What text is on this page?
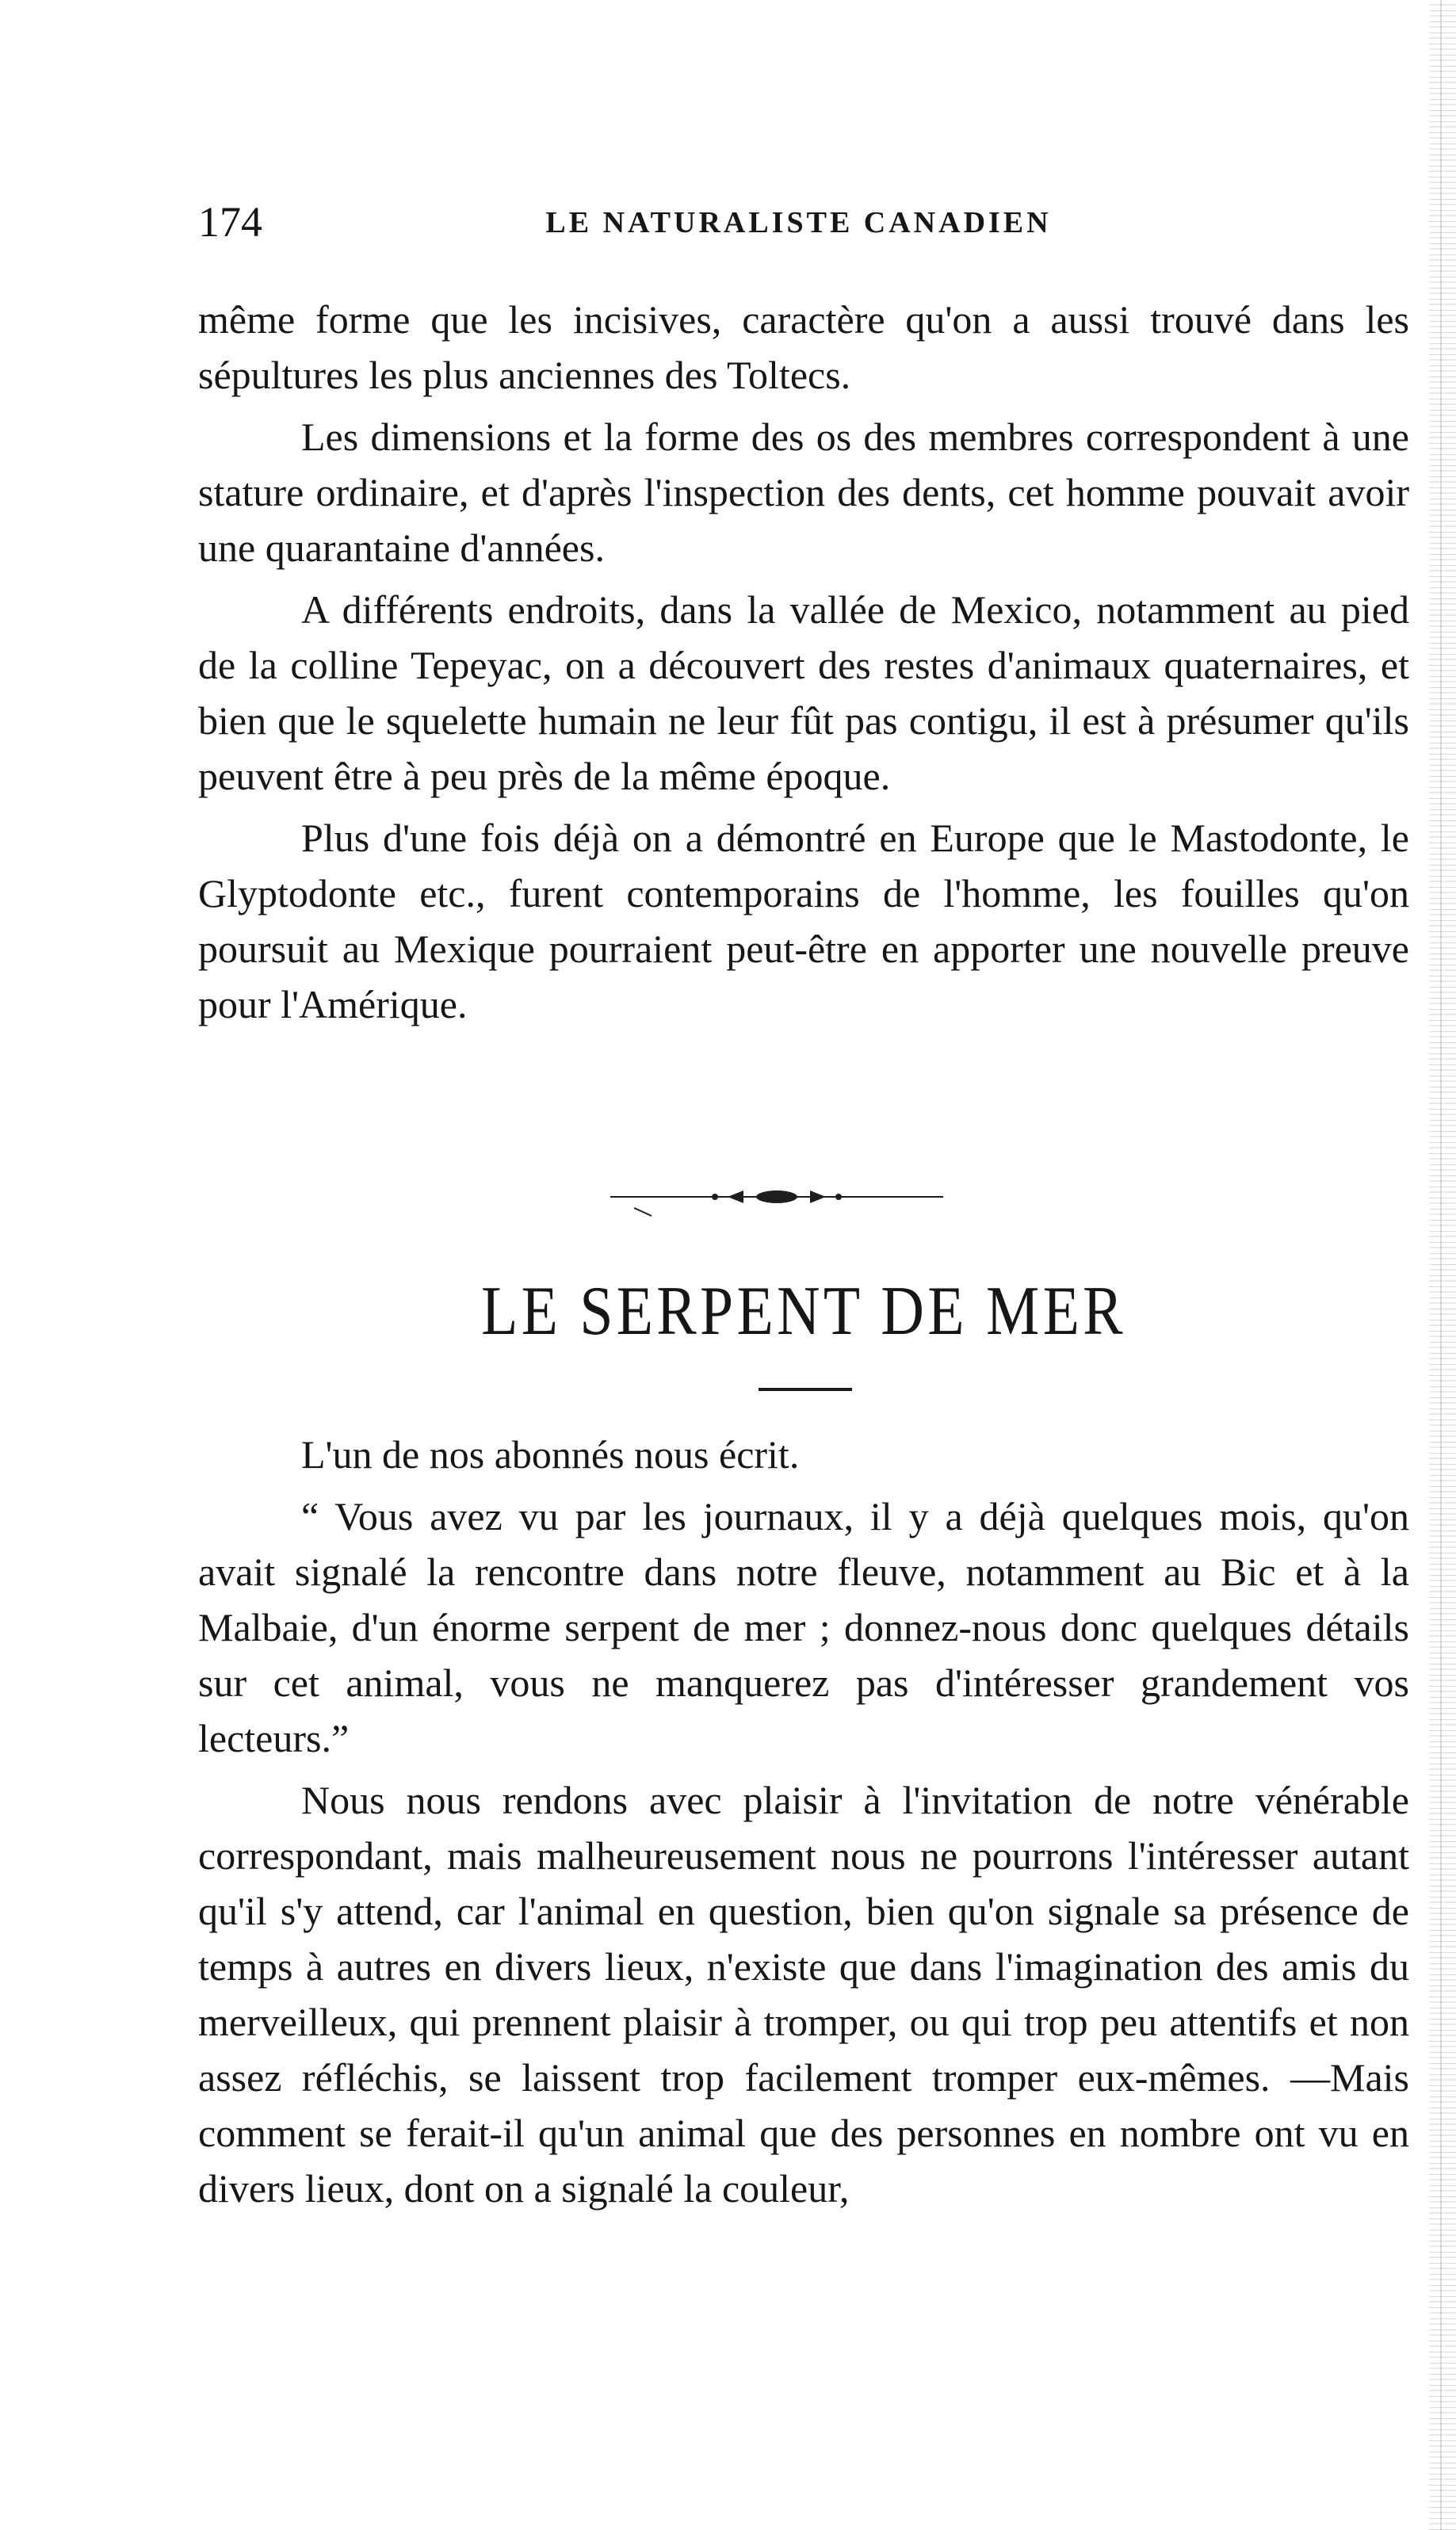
174	LE NATURALISTE CANADIEN

même forme que les incisives, caractère qu'on a aussi trouvé dans les sépultures les plus anciennes des Toltecs.

Les dimensions et la forme des os des membres correspondent à une stature ordinaire, et d'après l'inspection des dents, cet homme pouvait avoir une quarantaine d'années.

A différents endroits, dans la vallée de Mexico, notamment au pied de la colline Tepeyac, on a découvert des restes d'animaux quaternaires, et bien que le squelette humain ne leur fût pas contigu, il est à présumer qu'ils peuvent être à peu près de la même époque.

Plus d'une fois déjà on a démontré en Europe que le Mastodonte, le Glyptodonte etc., furent contemporains de l'homme, les fouilles qu'on poursuit au Mexique pourraient peut-être en apporter une nouvelle preuve pour l'Amérique.

LE SERPENT DE MER

L'un de nos abonnés nous écrit.

“ Vous avez vu par les journaux, il y a déjà quelques mois, qu'on avait signalé la rencontre dans notre fleuve, notamment au Bic et à la Malbaie, d'un énorme serpent de mer ; donnez-nous donc quelques détails sur cet animal, vous ne manquerez pas d'intéresser grandement vos lecteurs.”

Nous nous rendons avec plaisir à l'invitation de notre vénérable correspondant, mais malheureusement nous ne pourrons l'intéresser autant qu'il s'y attend, car l'animal en question, bien qu'on signale sa présence de temps à autres en divers lieux, n'existe que dans l'imagination des amis du merveilleux, qui prennent plaisir à tromper, ou qui trop peu attentifs et non assez réfléchis, se laissent trop facilement tromper eux-mêmes. —Mais comment se ferait-il qu'un animal que des personnes en nombre ont vu en divers lieux, dont on a signalé la couleur,
